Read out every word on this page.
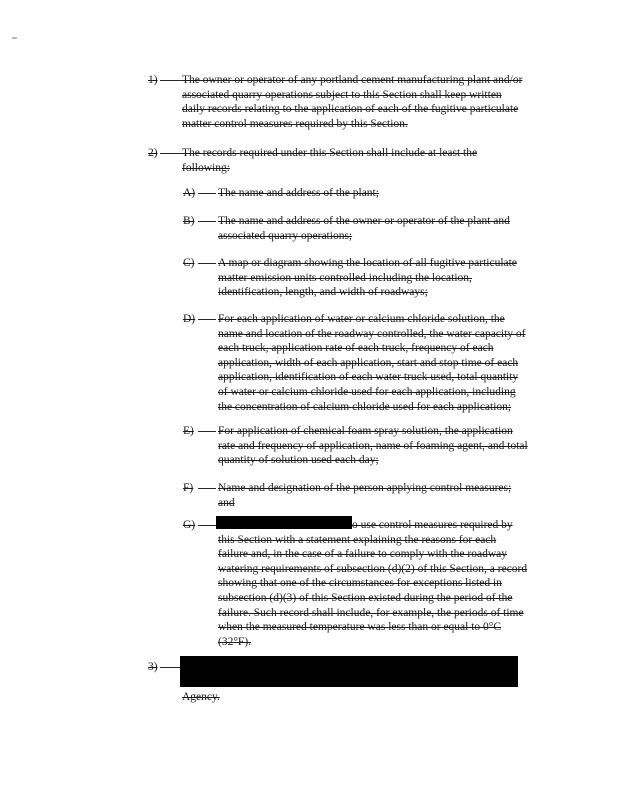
1) The owner or operator of any portland cement manufacturing plant and/or
associated quarry operations subject to this Section shall keep written
daily records relating to the application of each of the fugitive particulate
matter control measures required by this Section.
2) The records required under this Section shall include at least the
following:
A) The name and address of the plant;
B) The name and address of the owner or operator of the plant and
associated quarry operations;
C) A map or diagram showing the location of all fugitive particulate
matter emission units controlled including the location,
identification, length, and width of roadways;
D) For each application of water or calcium chloride solution, the
name and location of the roadway controlled, the water capacity of
each truck, application rate of each truck, frequency of each
application, width of each application, start and stop time of each
application, identification of each water truck used, total quantity
of water or calcium chloride used for each application, including
the concentration of calcium chloride used for each application;
E) For application of chemical foam spray solution, the application
rate and frequency of application, name of foaming agent, and total
quantity of solution used each day;
F) Name and designation of the person applying control measures;
and
G)	o use control measures required by
this Section with a statement explaining the reasons for each
failure and, in the case of a failure to comply with the roadway
watering requirements of subsection (d)(2) of this Section, a record
showing that one of the circumstances for exceptions listed in
subsection (d)(3) of this Section existed during the period of the
failure. Such record shall include, for example, the periods of time
when the measured temperature was less than or equal to 0°C
(32°F).
3)
Agency.
